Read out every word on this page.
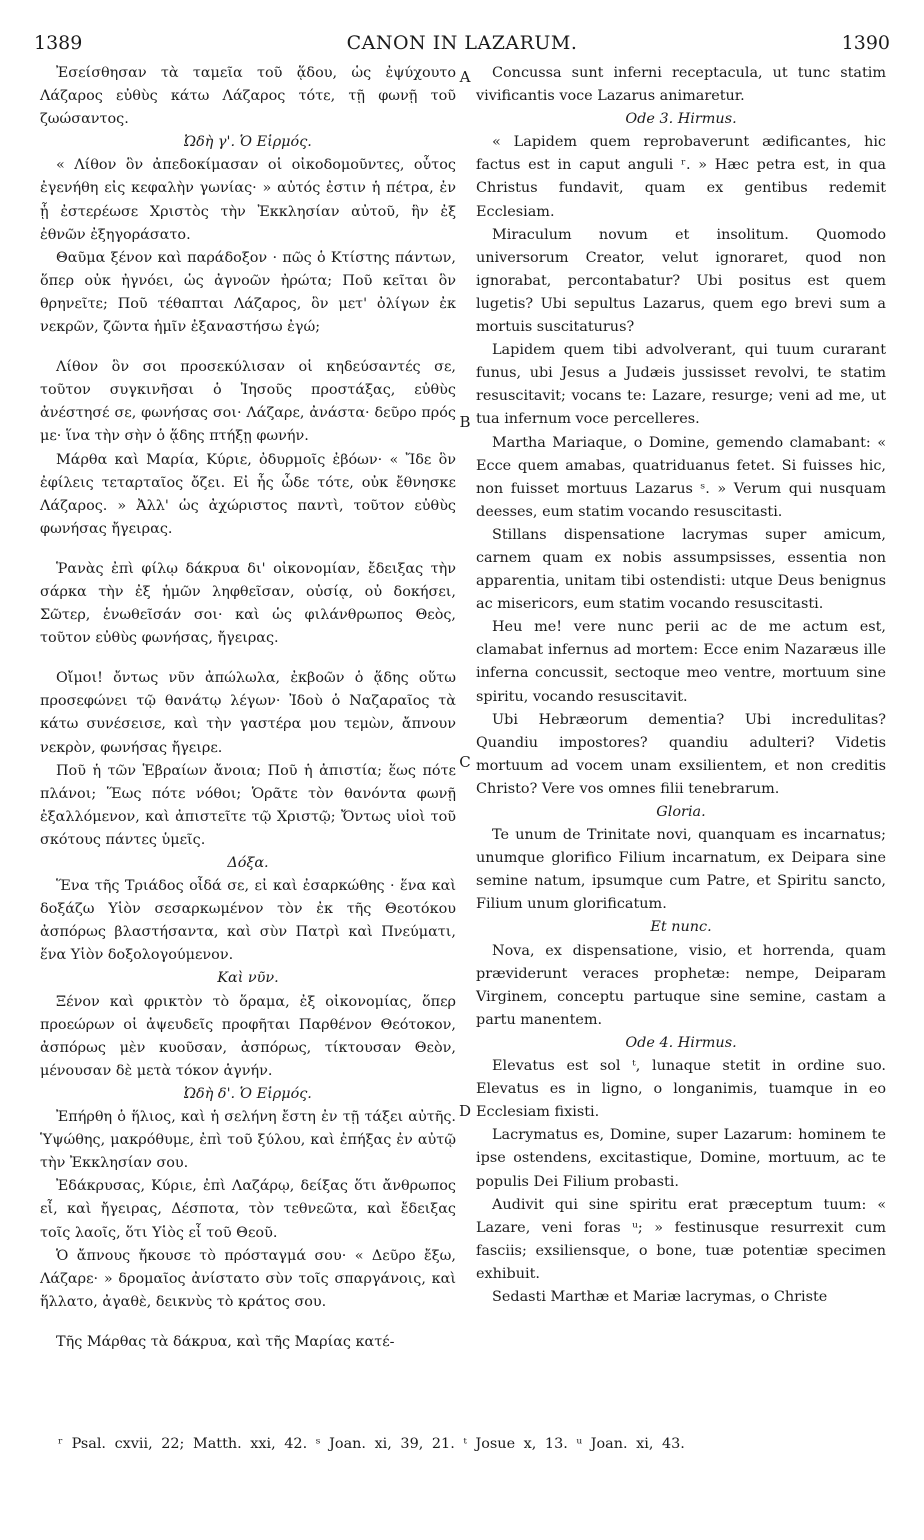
1389	CANON IN LAZARUM.	1390

Ἐσείσθησαν τὰ ταμεῖα τοῦ ᾅδου, ὡς ἐψύχουτο Λάζαρος εὐθὺς κάτω Λάζαρος τότε, τῇ φωνῇ τοῦ ζωώσαντος.

Ὠδὴ γ'. Ὁ Εἱρμός.

« Λίθον ὃν ἀπεδοκίμασαν οἱ οἰκοδομοῦντες, οὗτος ἐγενήθη εἰς κεφαλὴν γωνίας· » αὐτός ἐστιν ἡ πέτρα, ἐν ᾗ ἐστερέωσε Χριστὸς τὴν Ἐκκλησίαν αὐτοῦ, ἣν ἐξ ἐθνῶν ἐξηγοράσατο.

Θαῦμα ξένον καὶ παράδοξον · πῶς ὁ Κτίστης πάντων, ὅπερ οὐκ ἠγνόει, ὡς ἀγνοῶν ἠρώτα; Ποῦ κεῖται ὃν θρηνεῖτε; Ποῦ τέθαπται Λάζαρος, ὃν μετ' ὀλίγων ἐκ νεκρῶν, ζῶντα ἡμῖν ἐξαναστήσω ἐγώ;

Λίθον ὃν σοι προσεκύλισαν οἱ κηδεύσαντές σε, τοῦτον συγκινῆσαι ὁ Ἰησοῦς προστάξας, εὐθὺς ἀνέστησέ σε, φωνήσας σοι· Λάζαρε, ἀνάστα· δεῦρο πρός με· ἵνα τὴν σὴν ὁ ᾅδης πτήξῃ φωνήν.

Μάρθα καὶ Μαρία, Κύριε, ὀδυρμοῖς ἐβόων· « Ἴδε ὃν ἐφίλεις τεταρταῖος ὄζει. Εἰ ἧς ὧδε τότε, οὐκ ἔθνησκε Λάζαρος. » Ἀλλ' ὡς ἀχώριστος παντὶ, τοῦτον εὐθὺς φωνήσας ἤγειρας.

Ῥανὰς ἐπὶ φίλῳ δάκρυα δι' οἰκονομίαν, ἔδειξας τὴν σάρκα τὴν ἐξ ἡμῶν ληφθεῖσαν, οὐσίᾳ, οὐ δοκήσει, Σῶτερ, ἑνωθεῖσάν σοι· καὶ ὡς φιλάνθρωπος Θεὸς, τοῦτον εὐθὺς φωνήσας, ἤγειρας.

Οἴμοι! ὄντως νῦν ἀπώλωλα, ἐκβοῶν ὁ ᾅδης οὕτω προσεφώνει τῷ θανάτῳ λέγων· Ἰδοὺ ὁ Ναζαραῖος τὰ κάτω συνέσεισε, καὶ τὴν γαστέρα μου τεμὼν, ἄπνουν νεκρὸν, φωνήσας ἤγειρε.

Ποῦ ἡ τῶν Ἑβραίων ἄνοια; Ποῦ ἡ ἀπιστία; ἕως πότε πλάνοι; Ἕως πότε νόθοι; Ὁρᾶτε τὸν θανόντα φωνῇ ἐξαλλόμενον, καὶ ἀπιστεῖτε τῷ Χριστῷ; Ὄντως υἱοὶ τοῦ σκότους πάντες ὑμεῖς.

Δόξα.

Ἕνα τῆς Τριάδος οἶδά σε, εἰ καὶ ἐσαρκώθης · ἕνα καὶ δοξάζω Υἱὸν σεσαρκωμένον τὸν ἐκ τῆς Θεοτόκου ἀσπόρως βλαστήσαντα, καὶ σὺν Πατρὶ καὶ Πνεύματι, ἕνα Υἱὸν δοξολογούμενον.

Καὶ νῦν.

Ξένον καὶ φρικτὸν τὸ ὅραμα, ἐξ οἰκονομίας, ὅπερ προεώρων οἱ ἀψευδεῖς προφῆται Παρθένον Θεότοκον, ἀσπόρως μὲν κυοῦσαν, ἀσπόρως, τίκτουσαν Θεὸν, μένουσαν δὲ μετὰ τόκον ἁγνήν.

Ὠδὴ δ'. Ὁ Εἱρμός.

Ἐπήρθη ὁ ἥλιος, καὶ ἡ σελήνη ἔστη ἐν τῇ τάξει αὐτῆς. Ὑψώθης, μακρόθυμε, ἐπὶ τοῦ ξύλου, καὶ ἐπήξας ἐν αὐτῷ τὴν Ἐκκλησίαν σου.

Ἐδάκρυσας, Κύριε, ἐπὶ Λαζάρῳ, δείξας ὅτι ἄνθρωπος εἶ, καὶ ἤγειρας, Δέσποτα, τὸν τεθνεῶτα, καὶ ἔδειξας τοῖς λαοῖς, ὅτι Υἱὸς εἶ τοῦ Θεοῦ.

Ὁ ἄπνους ἤκουσε τὸ πρόσταγμά σου· « Δεῦρο ἔξω, Λάζαρε· » δρομαῖος ἀνίστατο σὺν τοῖς σπαργάνοις, καὶ ἥλλατο, ἀγαθὲ, δεικνὺς τὸ κράτος σου.

Τῆς Μάρθας τὰ δάκρυα, καὶ τῆς Μαρίας κατέ-

Concussa sunt inferni receptacula, ut tunc statim vivificantis voce Lazarus animaretur.

Ode 3. Hirmus.

« Lapidem quem reprobaverunt ædificantes, hic factus est in caput anguli ʳ. » Hæc petra est, in qua Christus fundavit, quam ex gentibus redemit Ecclesiam.

Miraculum novum et insolitum. Quomodo universorum Creator, velut ignoraret, quod non ignorabat, percontabatur? Ubi positus est quem lugetis? Ubi sepultus Lazarus, quem ego brevi sum a mortuis suscitaturus?

Lapidem quem tibi advolverant, qui tuum curarant funus, ubi Jesus a Judæis jussisset revolvi, te statim resuscitavit; vocans te: Lazare, resurge; veni ad me, ut tua infernum voce percelleres.

Martha Mariaque, o Domine, gemendo clamabant: « Ecce quem amabas, quatriduanus fetet. Si fuisses hic, non fuisset mortuus Lazarus ˢ. » Verum qui nusquam deesses, eum statim vocando resuscitasti.

Stillans dispensatione lacrymas super amicum, carnem quam ex nobis assumpsisses, essentia non apparentia, unitam tibi ostendisti: utque Deus benignus ac misericors, eum statim vocando resuscitasti.

Heu me! vere nunc perii ac de me actum est, clamabat infernus ad mortem: Ecce enim Nazaræus ille inferna concussit, sectoque meo ventre, mortuum sine spiritu, vocando resuscitavit.

Ubi Hebræorum dementia? Ubi incredulitas? Quandiu impostores? quandiu adulteri? Videtis mortuum ad vocem unam exsilientem, et non creditis Christo? Vere vos omnes filii tenebrarum.

Gloria.

Te unum de Trinitate novi, quanquam es incarnatus; unumque glorifico Filium incarnatum, ex Deipara sine semine natum, ipsumque cum Patre, et Spiritu sancto, Filium unum glorificatum.

Et nunc.

Nova, ex dispensatione, visio, et horrenda, quam præviderunt veraces prophetæ: nempe, Deiparam Virginem, conceptu partuque sine semine, castam a partu manentem.

Ode 4. Hirmus.

Elevatus est sol ᵗ, lunaque stetit in ordine suo. Elevatus es in ligno, o longanimis, tuamque in eo Ecclesiam fixisti.

Lacrymatus es, Domine, super Lazarum: hominem te ipse ostendens, excitastique, Domine, mortuum, ac te populis Dei Filium probasti.

Audivit qui sine spiritu erat præceptum tuum: « Lazare, veni foras ᵘ; » festinusque resurrexit cum fasciis; exsiliensque, o bone, tuæ potentiæ specimen exhibuit.

Sedasti Marthæ et Mariæ lacrymas, o Christe

A
B
C
D
ʳ Psal. cxvii, 22; Matth. xxi, 42. ˢ Joan. xi, 39, 21. ᵗ Josue x, 13. ᵘ Joan. xi, 43.
